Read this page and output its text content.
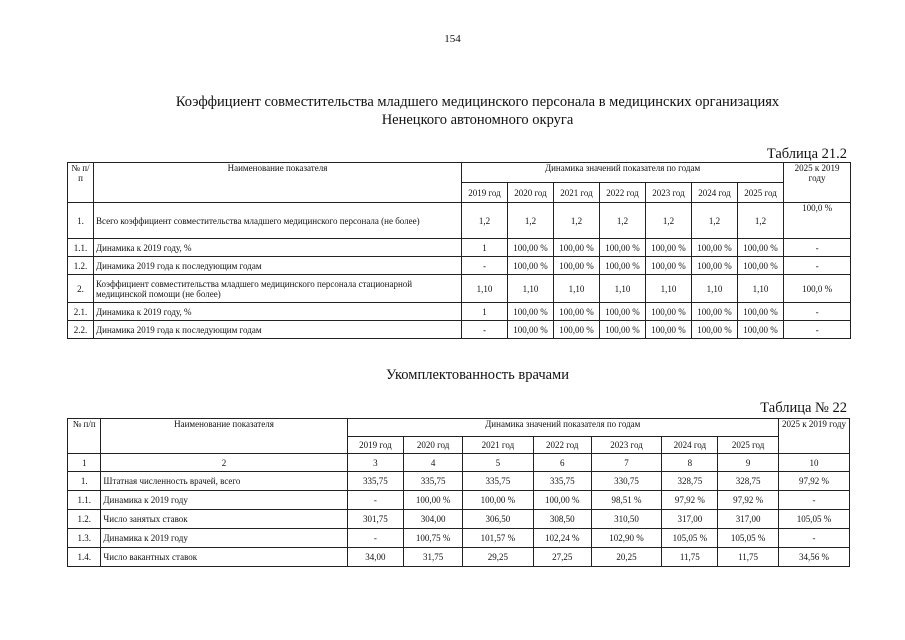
154
Коэффициент совместительства младшего медицинского персонала в медицинских организациях
Ненецкого автономного округа
Таблица 21.2
№ п/п	Наименование показателя	Динамика значений показателя по годам							2025 к 2019 году
		2019 год	2020 год	2021 год	2022 год	2023 год	2024 год	2025 год	
1.	Всего коэффициент совместительства младшего медицинского персонала (не более)	1,2	1,2	1,2	1,2	1,2	1,2	1,2	100,0 %
1.1.	Динамика к 2019 году, %	1	100,00 %	100,00 %	100,00 %	100,00 %	100,00 %	100,00 %	-
1.2.	Динамика 2019 года к последующим годам	-	100,00 %	100,00 %	100,00 %	100,00 %	100,00 %	100,00 %	-
2.	Коэффициент совместительства младшего медицинского персонала стационарной медицинской помощи (не более)	1,10	1,10	1,10	1,10	1,10	1,10	1,10	100,0 %
2.1.	Динамика к 2019 году, %	1	100,00 %	100,00 %	100,00 %	100,00 %	100,00 %	100,00 %	-
2.2.	Динамика 2019 года к последующим годам	-	100,00 %	100,00 %	100,00 %	100,00 %	100,00 %	100,00 %	-
Укомплектованность врачами
Таблица № 22
№ п/п	Наименование показателя	Динамика значений показателя по годам							2025 к 2019 году
		2019 год	2020 год	2021 год	2022 год	2023 год	2024 год	2025 год	
1	2	3	4	5	6	7	8	9	10
1.	Штатная численность врачей, всего	335,75	335,75	335,75	335,75	330,75	328,75	328,75	97,92 %
1.1.	Динамика к 2019 году	-	100,00 %	100,00 %	100,00 %	98,51 %	97,92 %	97,92 %	-
1.2.	Число занятых ставок	301,75	304,00	306,50	308,50	310,50	317,00	317,00	105,05 %
1.3.	Динамика к 2019 году	-	100,75 %	101,57 %	102,24 %	102,90 %	105,05 %	105,05 %	-
1.4.	Число вакантных ставок	34,00	31,75	29,25	27,25	20,25	11,75	11,75	34,56 %
